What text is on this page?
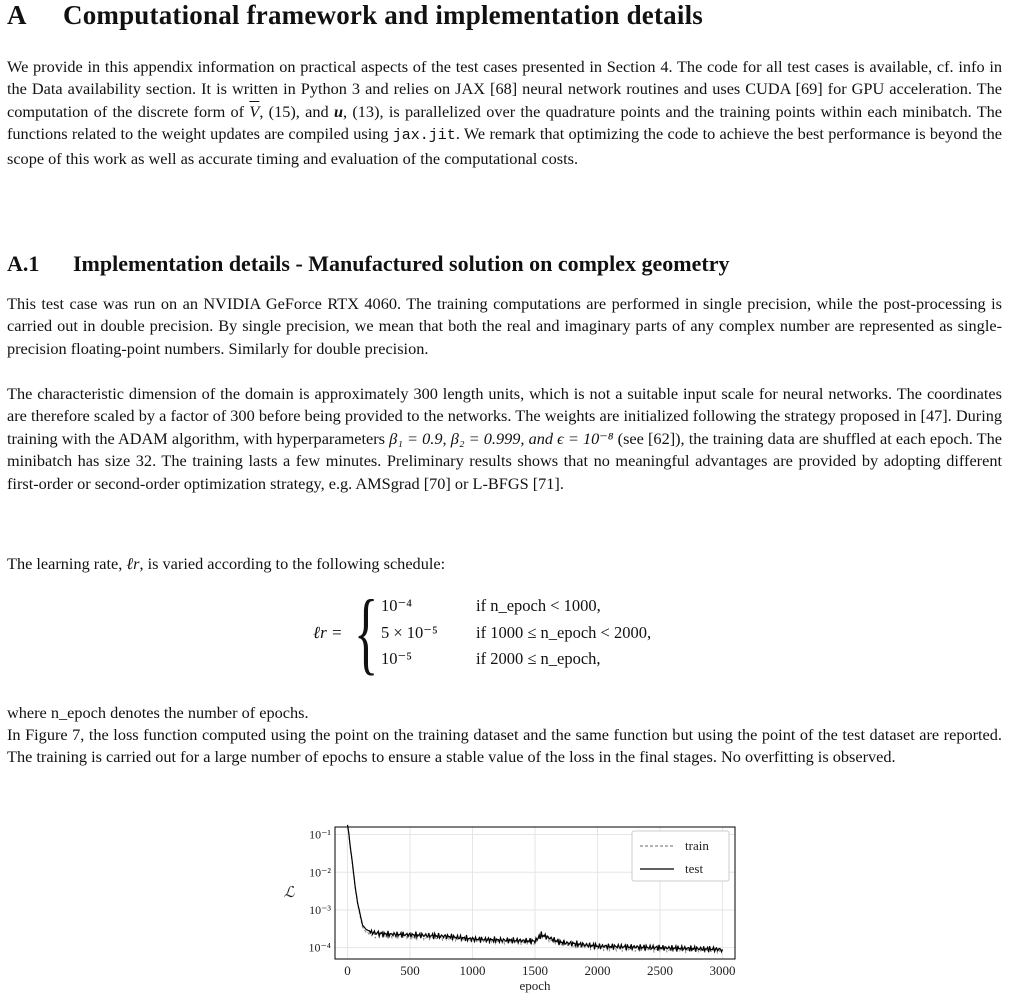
A Computational framework and implementation details

We provide in this appendix information on practical aspects of the test cases presented in Section 4. The code for all test cases is available, cf. info in the Data availability section. It is written in Python 3 and relies on JAX [68] neural network routines and uses CUDA [69] for GPU acceleration. The computation of the discrete form of $\overline{V}$, (15), and u, (13), is parallelized over the quadrature points and the training points within each minibatch. The functions related to the weight updates are compiled using jax.jit. We remark that optimizing the code to achieve the best performance is beyond the scope of this work as well as accurate timing and evaluation of the computational costs.

A.1 Implementation details - Manufactured solution on complex geometry

This test case was run on an NVIDIA GeForce RTX 4060. The training computations are performed in single precision, while the post-processing is carried out in double precision. By single precision, we mean that both the real and imaginary parts of any complex number are represented as single-precision floating-point numbers. Similarly for double precision.

The characteristic dimension of the domain is approximately 300 length units, which is not a suitable input scale for neural networks. The coordinates are therefore scaled by a factor of 300 before being provided to the networks. The weights are initialized following the strategy proposed in [47]. During training with the ADAM algorithm, with hyperparameters β₁ = 0.9, β₂ = 0.999, and ϵ = 10⁻⁸ (see [62]), the training data are shuffled at each epoch. The minibatch has size 32. The training lasts a few minutes. Preliminary results shows that no meaningful advantages are provided by adopting different first-order or second-order optimization strategy, e.g. AMSgrad [70] or L-BFGS [71].

The learning rate, ℓr, is varied according to the following schedule:

ℓr = { 10⁻⁴	if n_epoch < 1000,
5 × 10⁻⁵ if 1000 ≤ n_epoch < 2000,
10⁻⁵	if 2000 ≤ n_epoch,

where n_epoch denotes the number of epochs.

In Figure 7, the loss function computed using the point on the training dataset and the same function but using the point of the test dataset are reported. The training is carried out for a large number of epochs to ensure a stable value of the loss in the final stages. No overfitting is observed.

0	500	1000	1500	2000	2500	3000
10⁻¹
10⁻²
10⁻³
10⁻⁴
train
test
epoch
ℒ
